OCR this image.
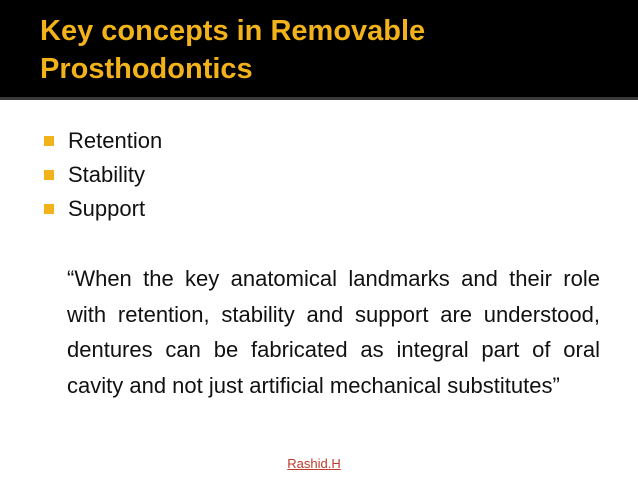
Key concepts in Removable Prosthodontics
Retention
Stability
Support

“When the key anatomical landmarks and their role with retention, stability and support are understood, dentures can be fabricated as integral part of oral cavity and not just artificial mechanical substitutes”

Rashid.H
